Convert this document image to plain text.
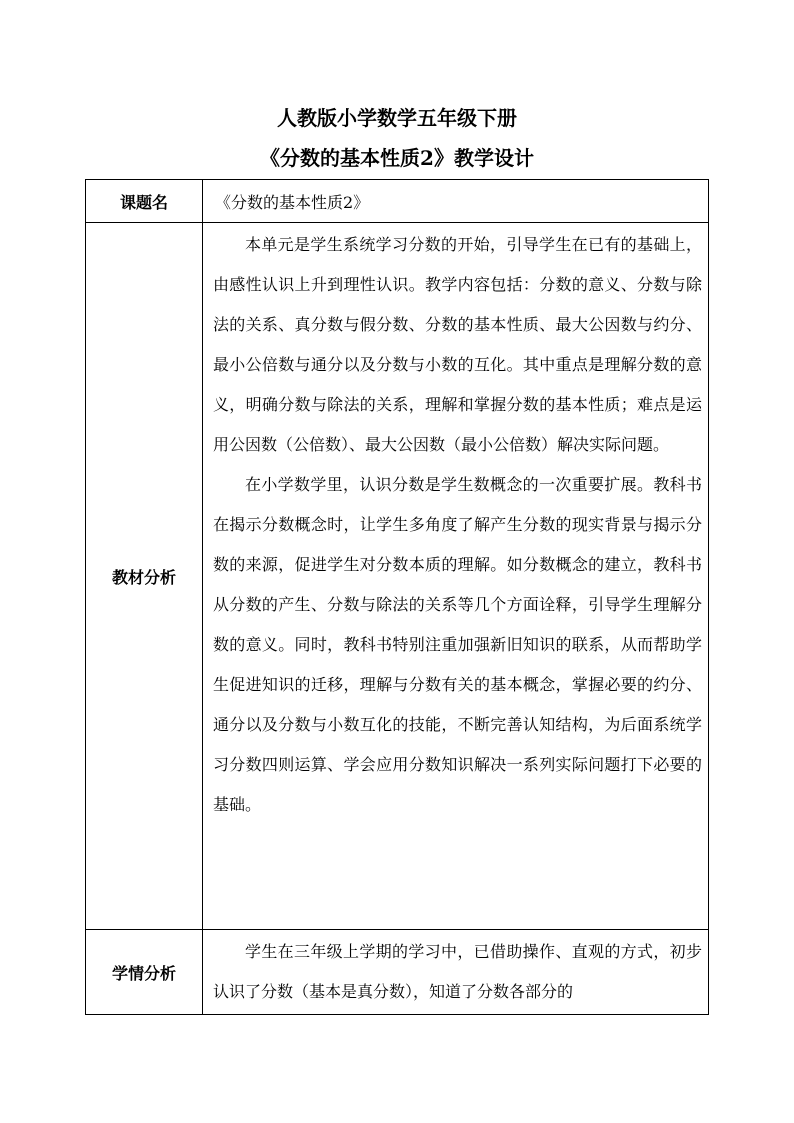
人教版小学数学五年级下册
《分数的基本性质2》教学设计
课题名	《分数的基本性质2》
教材分析	本单元是学生系统学习分数的开始，引导学生在已有的基础上，由感性认识上升到理性认识。教学内容包括：分数的意义、分数与除法的关系、真分数与假分数、分数的基本性质、最大公因数与约分、最小公倍数与通分以及分数与小数的互化。其中重点是理解分数的意义，明确分数与除法的关系，理解和掌握分数的基本性质；难点是运用公因数（公倍数）、最大公因数（最小公倍数）解决实际问题。

在小学数学里，认识分数是学生数概念的一次重要扩展。教科书在揭示分数概念时，让学生多角度了解产生分数的现实背景与揭示分数的来源，促进学生对分数本质的理解。如分数概念的建立，教科书从分数的产生、分数与除法的关系等几个方面诠释，引导学生理解分数的意义。同时，教科书特别注重加强新旧知识的联系，从而帮助学生促进知识的迁移，理解与分数有关的基本概念，掌握必要的约分、通分以及分数与小数互化的技能，不断完善认知结构，为后面系统学习分数四则运算、学会应用分数知识解决一系列实际问题打下必要的基础。

学情分析	学生在三年级上学期的学习中，已借助操作、直观的方式，初步认识了分数（基本是真分数），知道了分数各部分的
